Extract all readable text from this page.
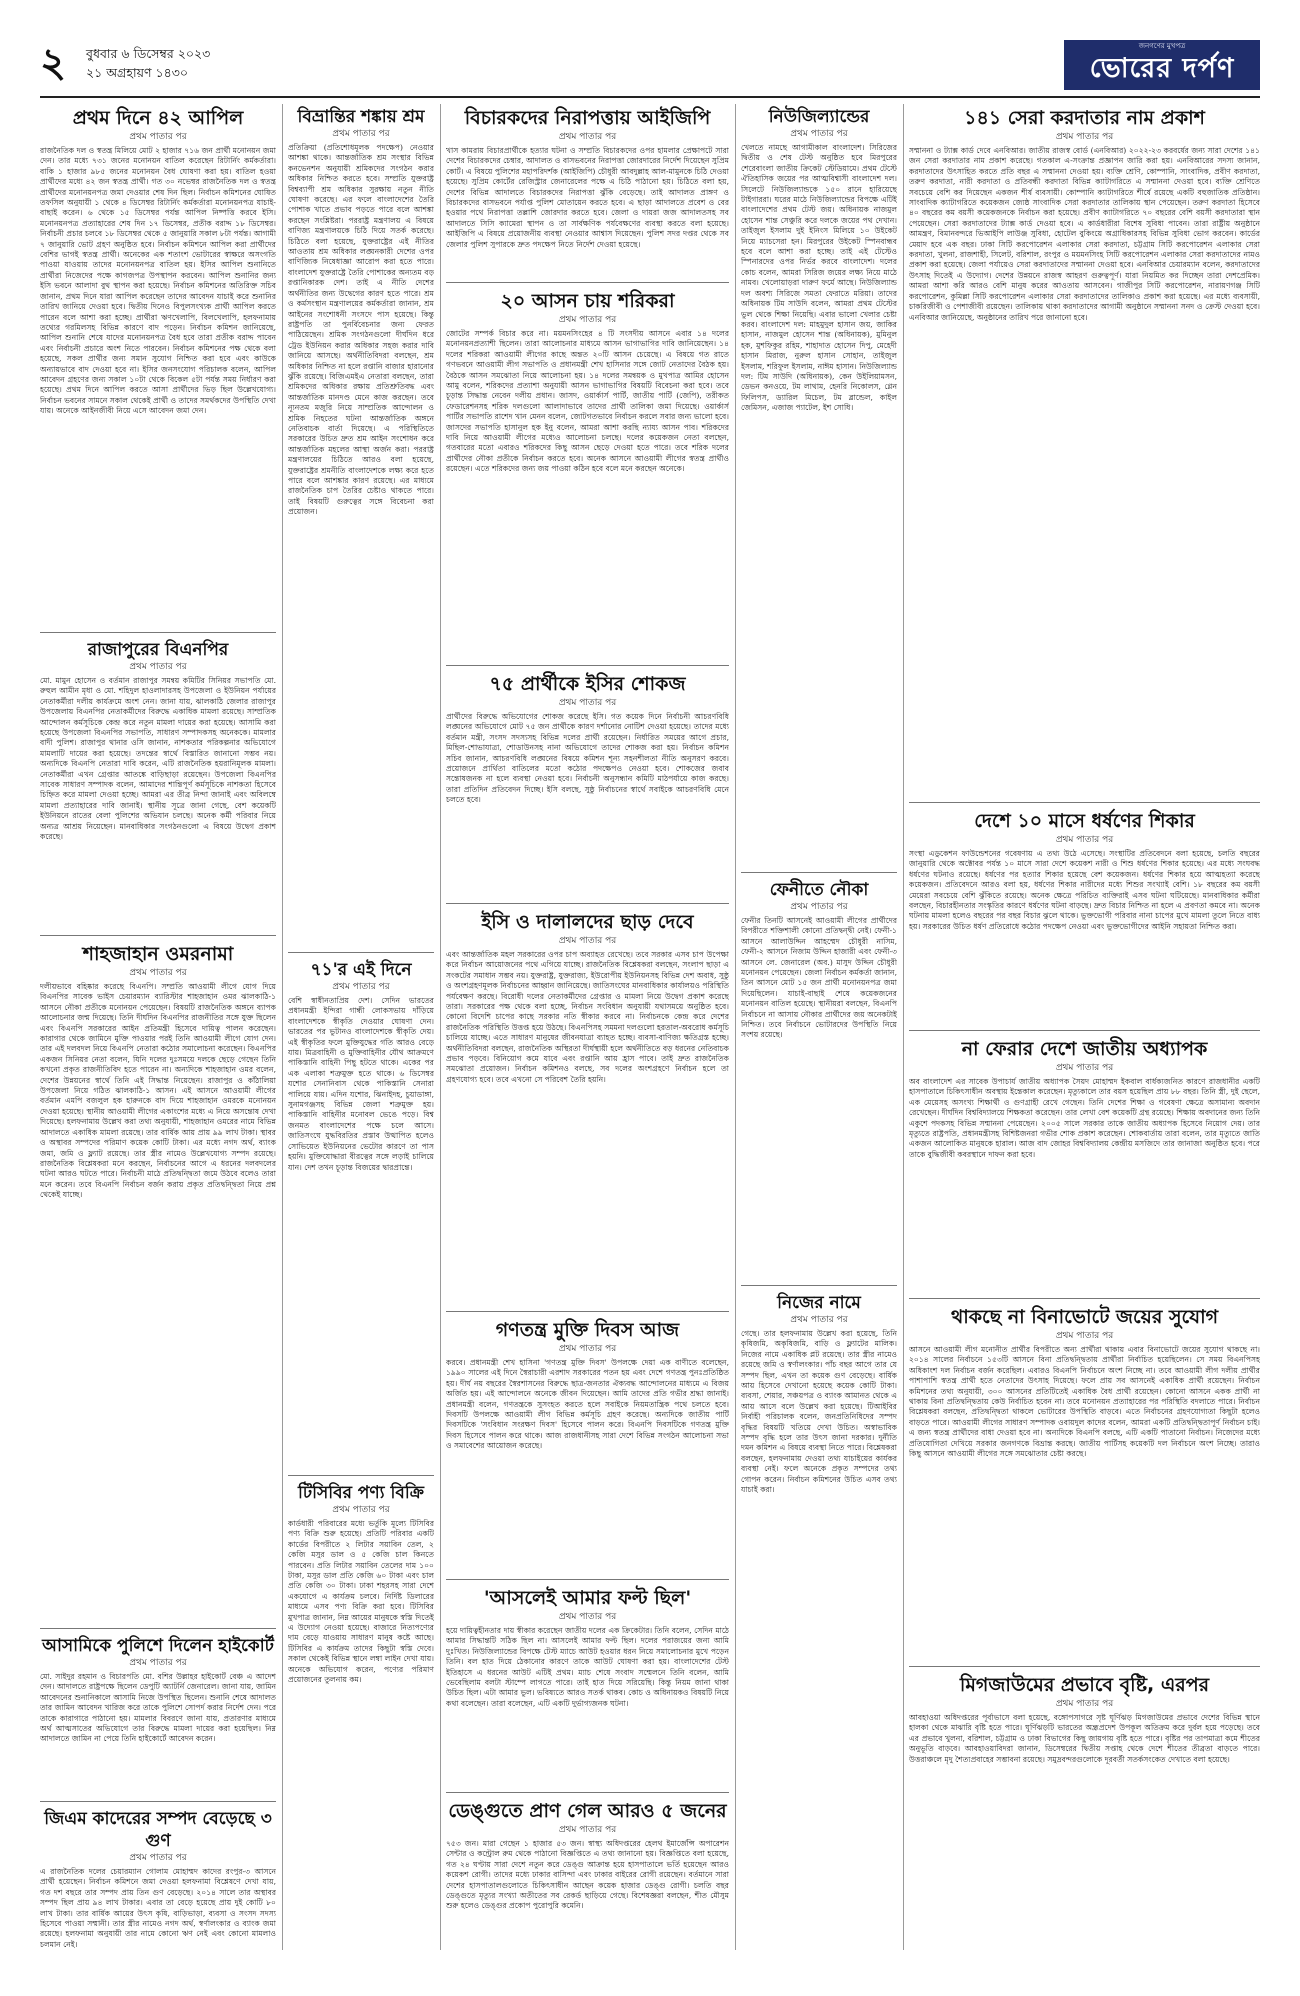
২ বুধবার ৬ ডিসেম্বর ২০২৩
২১ অগ্রহায়ণ ১৪৩০
জনগণের মুখপত্র
ভোরের দর্পণ
প্রথম দিনে ৪২ আপিল
প্রথম পাতার পর
রাজনৈতিক দল ও স্বতন্ত্র মিলিয়ে মোট ২ হাজার ৭১৬ জন প্রার্থী মনোনয়ন জমা দেন। তার মধ্যে ৭৩১ জনের মনোনয়ন বাতিল করেছেন রিটার্নিং কর্মকর্তারা। বাকি ১ হাজার ৯৮৫ জনের মনোনয়ন বৈধ ঘোষণা করা হয়। বাতিল হওয়া প্রার্থীদের মধ্যে ৪২ জন স্বতন্ত্র প্রার্থী। গত ৩০ নভেম্বর রাজনৈতিক দল ও স্বতন্ত্র প্রার্থীদের মনোনয়নপত্র জমা দেওয়ার শেষ দিন ছিল। নির্বাচন কমিশনের ঘোষিত তফসিল অনুযায়ী ১ থেকে ৪ ডিসেম্বর রিটার্নিং কর্মকর্তারা মনোনয়নপত্র যাচাই-বাছাই করেন। ৬ থেকে ১৫ ডিসেম্বর পর্যন্ত আপিল নিষ্পত্তি করবে ইসি। মনোনয়নপত্র প্রত্যাহারের শেষ দিন ১৭ ডিসেম্বর, প্রতীক বরাদ্দ ১৮ ডিসেম্বর। নির্বাচনী প্রচার চলবে ১৮ ডিসেম্বর থেকে ৫ জানুয়ারি সকাল ৮টা পর্যন্ত। আগামী ৭ জানুয়ারি ভোট গ্রহণ অনুষ্ঠিত হবে। নির্বাচন কমিশনে আপিল করা প্রার্থীদের বেশির ভাগই স্বতন্ত্র প্রার্থী। অনেকের এক শতাংশ ভোটারের স্বাক্ষরে অসংগতি পাওয়া যাওয়ায় তাদের মনোনয়নপত্র বাতিল হয়। ইসির আপিল শুনানিতে প্রার্থীরা নিজেদের পক্ষে কাগজপত্র উপস্থাপন করবেন। আপিল শুনানির জন্য ইসি ভবনে আলাদা বুথ স্থাপন করা হয়েছে। নির্বাচন কমিশনের অতিরিক্ত সচিব জানান, প্রথম দিনে যারা আপিল করেছেন তাদের আবেদন যাচাই করে শুনানির তারিখ জানিয়ে দেওয়া হবে। দ্বিতীয় দিনেও বিপুলসংখ্যক প্রার্থী আপিল করতে পারেন বলে আশা করা হচ্ছে। প্রার্থীরা ঋণখেলাপি, বিলখেলাপি, হলফনামায় তথ্যের গরমিলসহ বিভিন্ন কারণে বাদ পড়েন। নির্বাচন কমিশন জানিয়েছে, আপিল শুনানি শেষে যাদের মনোনয়নপত্র বৈধ হবে তারা প্রতীক বরাদ্দ পাবেন এবং নির্বাচনী প্রচারে অংশ নিতে পারবেন। নির্বাচন কমিশনের পক্ষ থেকে বলা হয়েছে, সকল প্রার্থীর জন্য সমান সুযোগ নিশ্চিত করা হবে এবং কাউকে অন্যায়ভাবে বাদ দেওয়া হবে না। ইসির জনসংযোগ পরিচালক বলেন, আপিল আবেদন গ্রহণের জন্য সকাল ১০টা থেকে বিকেল ৫টা পর্যন্ত সময় নির্ধারণ করা হয়েছে। প্রথম দিনে আপিল করতে আসা প্রার্থীদের ভিড় ছিল উল্লেখযোগ্য। নির্বাচন ভবনের সামনে সকাল থেকেই প্রার্থী ও তাদের সমর্থকদের উপস্থিতি দেখা যায়। অনেকে আইনজীবী নিয়ে এসে আবেদন জমা দেন।
রাজাপুরের বিএনপির
প্রথম পাতার পর
মো. মামুন হোসেন ও বর্তমান রাজাপুর সমন্বয় কমিটির সিনিয়র সভাপতি মো. রুহুল আমীন মৃধা ও মো. শহিদুল হাওলাদারসহ উপজেলা ও ইউনিয়ন পর্যায়ের নেতাকর্মীরা দলীয় কার্যক্রমে অংশ নেন। জানা যায়, ঝালকাঠি জেলার রাজাপুর উপজেলায় বিএনপির নেতাকর্মীদের বিরুদ্ধে একাধিক মামলা রয়েছে। সাম্প্রতিক আন্দোলন কর্মসূচিকে কেন্দ্র করে নতুন মামলা দায়ের করা হয়েছে। আসামি করা হয়েছে উপজেলা বিএনপির সভাপতি, সাধারণ সম্পাদকসহ অনেককে। মামলার বাদী পুলিশ। রাজাপুর থানার ওসি জানান, নাশকতার পরিকল্পনার অভিযোগে মামলাটি দায়ের করা হয়েছে। তদন্তের স্বার্থে বিস্তারিত জানানো সম্ভব নয়। অন্যদিকে বিএনপি নেতারা দাবি করেন, এটি রাজনৈতিক হয়রানিমূলক মামলা। নেতাকর্মীরা এখন গ্রেপ্তার আতঙ্কে বাড়িছাড়া রয়েছেন। উপজেলা বিএনপির সাবেক সাধারণ সম্পাদক বলেন, আমাদের শান্তিপূর্ণ কর্মসূচিকে নাশকতা হিসেবে চিহ্নিত করে মামলা দেওয়া হচ্ছে। আমরা এর তীব্র নিন্দা জানাই এবং অবিলম্বে মামলা প্রত্যাহারের দাবি জানাই। স্থানীয় সূত্রে জানা গেছে, বেশ কয়েকটি ইউনিয়নে রাতের বেলা পুলিশের অভিযান চলছে। অনেক কর্মী পরিবার নিয়ে অন্যত্র আশ্রয় নিয়েছেন। মানবাধিকার সংগঠনগুলো এ বিষয়ে উদ্বেগ প্রকাশ করেছে।
শাহজাহান ওমরনামা
প্রথম পাতার পর
দলীয়ভাবে বহিষ্কার করেছে বিএনপি। সম্প্রতি আওয়ামী লীগে যোগ দিয়ে বিএনপির সাবেক ভাইস চেয়ারম্যান ব্যারিস্টার শাহজাহান ওমর ঝালকাঠি-১ আসনে নৌকা প্রতীকে মনোনয়ন পেয়েছেন। বিষয়টি রাজনৈতিক অঙ্গনে ব্যাপক আলোচনার জন্ম দিয়েছে। তিনি দীর্ঘদিন বিএনপির রাজনীতির সঙ্গে যুক্ত ছিলেন এবং বিএনপি সরকারের আইন প্রতিমন্ত্রী হিসেবে দায়িত্ব পালন করেছেন। কারাগার থেকে জামিনে মুক্তি পাওয়ার পরই তিনি আওয়ামী লীগে যোগ দেন। তার এই দলবদল নিয়ে বিএনপি নেতারা কঠোর সমালোচনা করেছেন। বিএনপির একজন সিনিয়র নেতা বলেন, যিনি দলের দুঃসময়ে দলকে ছেড়ে গেছেন তিনি কখনো প্রকৃত রাজনীতিবিদ হতে পারেন না। অন্যদিকে শাহজাহান ওমর বলেন, দেশের উন্নয়নের স্বার্থে তিনি এই সিদ্ধান্ত নিয়েছেন। রাজাপুর ও কাঁঠালিয়া উপজেলা নিয়ে গঠিত ঝালকাঠি-১ আসন। এই আসনে আওয়ামী লীগের বর্তমান এমপি বজলুল হক হারুনকে বাদ দিয়ে শাহজাহান ওমরকে মনোনয়ন দেওয়া হয়েছে। স্থানীয় আওয়ামী লীগের একাংশের মধ্যে এ নিয়ে অসন্তোষ দেখা দিয়েছে। হলফনামায় উল্লেখ করা তথ্য অনুযায়ী, শাহজাহান ওমরের নামে বিভিন্ন আদালতে একাধিক মামলা রয়েছে। তার বার্ষিক আয় প্রায় ৯৯ লাখ টাকা। স্থাবর ও অস্থাবর সম্পদের পরিমাণ কয়েক কোটি টাকা। এর মধ্যে নগদ অর্থ, ব্যাংক জমা, জমি ও ফ্ল্যাট রয়েছে। তার স্ত্রীর নামেও উল্লেখযোগ্য সম্পদ রয়েছে। রাজনৈতিক বিশ্লেষকরা মনে করছেন, নির্বাচনের আগে এ ধরনের দলবদলের ঘটনা আরও ঘটতে পারে। নির্বাচনী মাঠে প্রতিদ্বন্দ্বিতা জমে উঠবে বলেও তারা মনে করেন। তবে বিএনপি নির্বাচন বর্জন করায় প্রকৃত প্রতিদ্বন্দ্বিতা নিয়ে প্রশ্ন থেকেই যাচ্ছে।
আসামিকে পুলিশে দিলেন হাইকোর্ট
প্রথম পাতার পর
মো. সাইদুর রহমান ও বিচারপতি মো. বশির উল্লাহর হাইকোর্ট বেঞ্চ এ আদেশ দেন। আদালতে রাষ্ট্রপক্ষে ছিলেন ডেপুটি অ্যাটর্নি জেনারেল। জানা যায়, জামিন আবেদনের শুনানিকালে আসামি নিজে উপস্থিত ছিলেন। শুনানি শেষে আদালত তার জামিন আবেদন খারিজ করে তাকে পুলিশে সোপর্দ করার নির্দেশ দেন। পরে তাকে কারাগারে পাঠানো হয়। মামলার বিবরণে জানা যায়, প্রতারণার মাধ্যমে অর্থ আত্মসাতের অভিযোগে তার বিরুদ্ধে মামলা দায়ের করা হয়েছিল। নিম্ন আদালতে জামিন না পেয়ে তিনি হাইকোর্টে আবেদন করেন।
জিএম কাদেরের সম্পদ বেড়েছে ৩ গুণ
প্রথম পাতার পর
এ রাজনৈতিক দলের চেয়ারম্যান গোলাম মোহাম্মদ কাদের রংপুর-৩ আসনে প্রার্থী হয়েছেন। নির্বাচন কমিশনে জমা দেওয়া হলফনামা বিশ্লেষণে দেখা যায়, গত দশ বছরে তার সম্পদ প্রায় তিন গুণ বেড়েছে। ২০১৪ সালে তার অস্থাবর সম্পদ ছিল প্রায় ৯৪ লাখ টাকার। এবার তা বেড়ে হয়েছে প্রায় দুই কোটি ৮০ লাখ টাকা। তার বার্ষিক আয়ের উৎস কৃষি, বাড়িভাড়া, ব্যবসা ও সংসদ সদস্য হিসেবে পাওয়া সম্মানী। তার স্ত্রীর নামেও নগদ অর্থ, স্বর্ণালংকার ও ব্যাংক জমা রয়েছে। হলফনামা অনুযায়ী তার নামে কোনো ঋণ নেই এবং কোনো মামলাও চলমান নেই।
বিভ্রান্তির শঙ্কায় শ্রম
প্রথম পাতার পর
প্রতিক্রিয়া (প্রতিশোধমূলক পদক্ষেপ) নেওয়ার আশঙ্কা থাকে। আন্তর্জাতিক শ্রম সংস্থার বিভিন্ন কনভেনশন অনুযায়ী শ্রমিকদের সংগঠন করার অধিকার নিশ্চিত করতে হবে। সম্প্রতি যুক্তরাষ্ট্র বিশ্বব্যাপী শ্রম অধিকার সুরক্ষায় নতুন নীতি ঘোষণা করেছে। এর ফলে বাংলাদেশের তৈরি পোশাক খাতে প্রভাব পড়তে পারে বলে আশঙ্কা করছেন সংশ্লিষ্টরা। পররাষ্ট্র মন্ত্রণালয় এ বিষয়ে বাণিজ্য মন্ত্রণালয়কে চিঠি দিয়ে সতর্ক করেছে। চিঠিতে বলা হয়েছে, যুক্তরাষ্ট্রের এই নীতির আওতায় শ্রম অধিকার লঙ্ঘনকারী দেশের ওপর বাণিজ্যিক নিষেধাজ্ঞা আরোপ করা হতে পারে। বাংলাদেশ যুক্তরাষ্ট্রে তৈরি পোশাকের অন্যতম বড় রপ্তানিকারক দেশ। তাই এ নীতি দেশের অর্থনীতির জন্য উদ্বেগের কারণ হতে পারে। শ্রম ও কর্মসংস্থান মন্ত্রণালয়ের কর্মকর্তারা জানান, শ্রম আইনের সংশোধনী সংসদে পাস হয়েছে। কিন্তু রাষ্ট্রপতি তা পুনর্বিবেচনার জন্য ফেরত পাঠিয়েছেন। শ্রমিক সংগঠনগুলো দীর্ঘদিন ধরে ট্রেড ইউনিয়ন করার অধিকার সহজ করার দাবি জানিয়ে আসছে। অর্থনীতিবিদরা বলছেন, শ্রম অধিকার নিশ্চিত না হলে রপ্তানি বাজার হারানোর ঝুঁকি রয়েছে। বিজিএমইএ নেতারা বলছেন, তারা শ্রমিকদের অধিকার রক্ষায় প্রতিশ্রুতিবদ্ধ এবং আন্তর্জাতিক মানদণ্ড মেনে কাজ করছেন। তবে ন্যূনতম মজুরি নিয়ে সাম্প্রতিক আন্দোলন ও শ্রমিক নিহতের ঘটনা আন্তর্জাতিক অঙ্গনে নেতিবাচক বার্তা দিয়েছে। এ পরিস্থিতিতে সরকারের উচিত দ্রুত শ্রম আইন সংশোধন করে আন্তর্জাতিক মহলের আস্থা অর্জন করা। পররাষ্ট্র মন্ত্রণালয়ের চিঠিতে আরও বলা হয়েছে, যুক্তরাষ্ট্রের শ্রমনীতি বাংলাদেশকে লক্ষ্য করে হতে পারে বলে আশঙ্কার কারণ রয়েছে। এর মাধ্যমে রাজনৈতিক চাপ তৈরির চেষ্টাও থাকতে পারে। তাই বিষয়টি গুরুত্বের সঙ্গে বিবেচনা করা প্রয়োজন।
৭১'র এই দিনে
প্রথম পাতার পর
বেশি স্বাধীনতাপ্রিয় দেশ। সেদিন ভারতের প্রধানমন্ত্রী ইন্দিরা গান্ধী লোকসভায় দাঁড়িয়ে বাংলাদেশকে স্বীকৃতি দেওয়ার ঘোষণা দেন। ভারতের পর ভুটানও বাংলাদেশকে স্বীকৃতি দেয়। এই স্বীকৃতির ফলে মুক্তিযুদ্ধের গতি আরও বেড়ে যায়। মিত্রবাহিনী ও মুক্তিবাহিনীর যৌথ আক্রমণে পাকিস্তানি বাহিনী পিছু হটতে থাকে। একের পর এক এলাকা শত্রুমুক্ত হতে থাকে। ৬ ডিসেম্বর যশোর সেনানিবাস থেকে পাকিস্তানি সেনারা পালিয়ে যায়। এদিন যশোর, ঝিনাইদহ, চুয়াডাঙ্গা, সুনামগঞ্জসহ বিভিন্ন জেলা শত্রুমুক্ত হয়। পাকিস্তানি বাহিনীর মনোবল ভেঙে পড়ে। বিশ্ব জনমত বাংলাদেশের পক্ষে চলে আসে। জাতিসংঘে যুদ্ধবিরতির প্রস্তাব উত্থাপিত হলেও সোভিয়েত ইউনিয়নের ভেটোর কারণে তা পাস হয়নি। মুক্তিযোদ্ধারা বীরত্বের সঙ্গে লড়াই চালিয়ে যান। দেশ তখন চূড়ান্ত বিজয়ের দ্বারপ্রান্তে।
টিসিবির পণ্য বিক্রি
প্রথম পাতার পর
কার্ডধারী পরিবারের মধ্যে ভর্তুকি মূল্যে টিসিবির পণ্য বিক্রি শুরু হয়েছে। প্রতিটি পরিবার একটি কার্ডের বিপরীতে ২ লিটার সয়াবিন তেল, ২ কেজি মসুর ডাল ও ৫ কেজি চাল কিনতে পারবেন। প্রতি লিটার সয়াবিন তেলের দাম ১০০ টাকা, মসুর ডাল প্রতি কেজি ৬০ টাকা এবং চাল প্রতি কেজি ৩০ টাকা। ঢাকা শহরসহ সারা দেশে একযোগে এ কার্যক্রম চলবে। নির্দিষ্ট ডিলারের মাধ্যমে এসব পণ্য বিক্রি করা হবে। টিসিবির মুখপাত্র জানান, নিম্ন আয়ের মানুষকে স্বস্তি দিতেই এ উদ্যোগ নেওয়া হয়েছে। বাজারে নিত্যপণ্যের দাম বেড়ে যাওয়ায় সাধারণ মানুষ কষ্টে আছে। টিসিবির এ কার্যক্রম তাদের কিছুটা স্বস্তি দেবে। সকাল থেকেই বিভিন্ন স্থানে লম্বা লাইন দেখা যায়। অনেকে অভিযোগ করেন, পণ্যের পরিমাণ প্রয়োজনের তুলনায় কম।
বিচারকদের নিরাপত্তায় আইজিপি
প্রথম পাতার পর
খাস কামরায় বিচারপ্রার্থীকে হত্যার ঘটনা ও সম্প্রতি বিচারকদের ওপর হামলার প্রেক্ষাপটে সারা দেশের বিচারকদের চেম্বার, আদালত ও বাসভবনের নিরাপত্তা জোরদারের নির্দেশ দিয়েছেন সুপ্রিম কোর্ট। এ বিষয়ে পুলিশের মহাপরিদর্শক (আইজিপি) চৌধুরী আবদুল্লাহ আল-মামুনকে চিঠি দেওয়া হয়েছে। সুপ্রিম কোর্টের রেজিস্ট্রার জেনারেলের পক্ষে এ চিঠি পাঠানো হয়। চিঠিতে বলা হয়, দেশের বিভিন্ন আদালতে বিচারকদের নিরাপত্তা ঝুঁকি বেড়েছে। তাই আদালত প্রাঙ্গণ ও বিচারকদের বাসভবনে পর্যাপ্ত পুলিশ মোতায়েন করতে হবে। এ ছাড়া আদালতে প্রবেশ ও বের হওয়ার পথে নিরাপত্তা তল্লাশি জোরদার করতে হবে। জেলা ও দায়রা জজ আদালতসহ সব আদালতে সিসি ক্যামেরা স্থাপন ও তা সার্বক্ষণিক পর্যবেক্ষণের ব্যবস্থা করতে বলা হয়েছে। আইজিপি এ বিষয়ে প্রয়োজনীয় ব্যবস্থা নেওয়ার আশ্বাস দিয়েছেন। পুলিশ সদর দপ্তর থেকে সব জেলার পুলিশ সুপারকে দ্রুত পদক্ষেপ নিতে নির্দেশ দেওয়া হয়েছে।
২০ আসন চায় শরিকরা
প্রথম পাতার পর
জোটের সম্পর্ক বিচার করে না। ময়মনসিংহের ৪ টি সংসদীয় আসনে এবার ১৪ দলের মনোনয়নপ্রত্যাশী ছিলেন। তারা আলোচনার মাধ্যমে আসন ভাগাভাগির দাবি জানিয়েছেন। ১৪ দলের শরিকরা আওয়ামী লীগের কাছে অন্তত ২০টি আসন চেয়েছে। এ বিষয়ে গত রাতে গণভবনে আওয়ামী লীগ সভাপতি ও প্রধানমন্ত্রী শেখ হাসিনার সঙ্গে জোট নেতাদের বৈঠক হয়। বৈঠকে আসন সমঝোতা নিয়ে আলোচনা হয়। ১৪ দলের সমন্বয়ক ও মুখপাত্র আমির হোসেন আমু বলেন, শরিকদের প্রত্যাশা অনুযায়ী আসন ভাগাভাগির বিষয়টি বিবেচনা করা হবে। তবে চূড়ান্ত সিদ্ধান্ত নেবেন দলীয় প্রধান। জাসদ, ওয়ার্কার্স পার্টি, জাতীয় পার্টি (জেপি), তরীকত ফেডারেশনসহ শরিক দলগুলো আলাদাভাবে তাদের প্রার্থী তালিকা জমা দিয়েছে। ওয়ার্কার্স পার্টির সভাপতি রাশেদ খান মেনন বলেন, জোটগতভাবে নির্বাচন করলে সবার জন্য ভালো হবে। জাসদের সভাপতি হাসানুল হক ইনু বলেন, আমরা আশা করছি ন্যায্য আসন পাব। শরিকদের দাবি নিয়ে আওয়ামী লীগের মধ্যেও আলোচনা চলছে। দলের কয়েকজন নেতা বলছেন, গতবারের মতো এবারও শরিকদের কিছু আসন ছেড়ে দেওয়া হতে পারে। তবে শরিক দলের প্রার্থীদের নৌকা প্রতীকে নির্বাচন করতে হবে। অনেক আসনে আওয়ামী লীগের স্বতন্ত্র প্রার্থীও রয়েছেন। এতে শরিকদের জন্য জয় পাওয়া কঠিন হবে বলে মনে করছেন অনেকে।
৭৫ প্রার্থীকে ইসির শোকজ
প্রথম পাতার পর
প্রার্থীদের বিরুদ্ধে অভিযোগের শোকজ করেছে ইসি। গত কয়েক দিনে নির্বাচনী আচরণবিধি লঙ্ঘনের অভিযোগে মোট ৭৫ জন প্রার্থীকে কারণ দর্শানোর নোটিশ দেওয়া হয়েছে। তাদের মধ্যে বর্তমান মন্ত্রী, সংসদ সদস্যসহ বিভিন্ন দলের প্রার্থী রয়েছেন। নির্ধারিত সময়ের আগে প্রচার, মিছিল-শোভাযাত্রা, শোডাউনসহ নানা অভিযোগে তাদের শোকজ করা হয়। নির্বাচন কমিশন সচিব জানান, আচরণবিধি লঙ্ঘনের বিষয়ে কমিশন শূন্য সহনশীলতা নীতি অনুসরণ করবে। প্রয়োজনে প্রার্থিতা বাতিলের মতো কঠোর পদক্ষেপও নেওয়া হবে। শোকজের জবাব সন্তোষজনক না হলে ব্যবস্থা নেওয়া হবে। নির্বাচনী অনুসন্ধান কমিটি মাঠপর্যায়ে কাজ করছে। তারা প্রতিদিন প্রতিবেদন দিচ্ছে। ইসি বলছে, সুষ্ঠু নির্বাচনের স্বার্থে সবাইকে আচরণবিধি মেনে চলতে হবে।
ইসি ও দালালদের ছাড় দেবে
প্রথম পাতার পর
এবং আন্তর্জাতিক মহল সরকারের ওপর চাপ অব্যাহত রেখেছে। তবে সরকার এসব চাপ উপেক্ষা করে নির্বাচন আয়োজনের পথে এগিয়ে যাচ্ছে। রাজনৈতিক বিশ্লেষকরা বলছেন, সংলাপ ছাড়া এ সংকটের সমাধান সম্ভব নয়। যুক্তরাষ্ট্র, যুক্তরাজ্য, ইউরোপীয় ইউনিয়নসহ বিভিন্ন দেশ অবাধ, সুষ্ঠু ও অংশগ্রহণমূলক নির্বাচনের আহ্বান জানিয়েছে। জাতিসংঘের মানবাধিকার কার্যালয়ও পরিস্থিতি পর্যবেক্ষণ করছে। বিরোধী দলের নেতাকর্মীদের গ্রেপ্তার ও মামলা নিয়ে উদ্বেগ প্রকাশ করেছে তারা। সরকারের পক্ষ থেকে বলা হচ্ছে, নির্বাচন সংবিধান অনুযায়ী যথাসময়ে অনুষ্ঠিত হবে। কোনো বিদেশি চাপের কাছে সরকার নতি স্বীকার করবে না। নির্বাচনকে কেন্দ্র করে দেশের রাজনৈতিক পরিস্থিতি উত্তপ্ত হয়ে উঠছে। বিএনপিসহ সমমনা দলগুলো হরতাল-অবরোধ কর্মসূচি চালিয়ে যাচ্ছে। এতে সাধারণ মানুষের জীবনযাত্রা ব্যাহত হচ্ছে। ব্যবসা-বাণিজ্য ক্ষতিগ্রস্ত হচ্ছে। অর্থনীতিবিদরা বলছেন, রাজনৈতিক অস্থিরতা দীর্ঘস্থায়ী হলে অর্থনীতিতে বড় ধরনের নেতিবাচক প্রভাব পড়বে। বিনিয়োগ কমে যাবে এবং রপ্তানি আয় হ্রাস পাবে। তাই দ্রুত রাজনৈতিক সমঝোতা প্রয়োজন। নির্বাচন কমিশনও বলছে, সব দলের অংশগ্রহণে নির্বাচন হলে তা গ্রহণযোগ্য হবে। তবে এখনো সে পরিবেশ তৈরি হয়নি।
গণতন্ত্র মুক্তি দিবস আজ
প্রথম পাতার পর
করবে। প্রধানমন্ত্রী শেখ হাসিনা 'গণতন্ত্র মুক্তি দিবস' উপলক্ষে দেয়া এক বাণীতে বলেছেন, ১৯৯০ সালের এই দিনে স্বৈরাচারী এরশাদ সরকারের পতন হয় এবং দেশে গণতন্ত্র পুনঃপ্রতিষ্ঠিত হয়। দীর্ঘ নয় বছরের স্বৈরশাসনের বিরুদ্ধে ছাত্র-জনতার ঐক্যবদ্ধ আন্দোলনের মাধ্যমে এ বিজয় অর্জিত হয়। এই আন্দোলনে অনেকে জীবন দিয়েছেন। আমি তাদের প্রতি গভীর শ্রদ্ধা জানাই। প্রধানমন্ত্রী বলেন, গণতন্ত্রকে সুসংহত করতে হলে সবাইকে নিয়মতান্ত্রিক পথে চলতে হবে। দিবসটি উপলক্ষে আওয়ামী লীগ বিভিন্ন কর্মসূচি গ্রহণ করেছে। অন্যদিকে জাতীয় পার্টি দিবসটিকে 'সংবিধান সংরক্ষণ দিবস' হিসেবে পালন করে। বিএনপি দিবসটিকে গণতন্ত্র মুক্তি দিবস হিসেবে পালন করে থাকে। আজ রাজধানীসহ সারা দেশে বিভিন্ন সংগঠন আলোচনা সভা ও সমাবেশের আয়োজন করেছে।
'আসলেই আমার ফল্ট ছিল'
প্রথম পাতার পর
হয়ে দায়িত্বহীনতার দায় স্বীকার করেছেন জাতীয় দলের এক ক্রিকেটার। তিনি বলেন, সেদিন মাঠে আমার সিদ্ধান্তটি সঠিক ছিল না। আসলেই আমার ফল্ট ছিল। দলের পরাজয়ের জন্য আমি দুঃখিত। নিউজিল্যান্ডের বিপক্ষে টেস্ট ম্যাচে আউট হওয়ার ধরন নিয়ে সমালোচনার মুখে পড়েন তিনি। বল হাত দিয়ে ঠেকানোর কারণে তাকে আউট ঘোষণা করা হয়। বাংলাদেশের টেস্ট ইতিহাসে এ ধরনের আউট এটিই প্রথম। ম্যাচ শেষে সংবাদ সম্মেলনে তিনি বলেন, আমি ভেবেছিলাম বলটা স্টাম্পে লাগতে পারে। তাই হাত দিয়ে সরিয়েছি। কিন্তু নিয়ম জানা থাকা উচিত ছিল। এটা আমার ভুল। ভবিষ্যতে আরও সতর্ক থাকব। কোচ ও অধিনায়কও বিষয়টি নিয়ে কথা বলেছেন। তারা বলেছেন, এটি একটি দুর্ভাগ্যজনক ঘটনা।
ডেঙ্গুতে প্রাণ গেল আরও ৫ জনের
প্রথম পাতার পর
৭৫৩ জন। মারা গেছেন ১ হাজার ৫৩ জন। স্বাস্থ্য অধিদপ্তরের হেলথ ইমার্জেন্সি অপারেশন সেন্টার ও কন্ট্রোল রুম থেকে পাঠানো বিজ্ঞপ্তিতে এ তথ্য জানানো হয়। বিজ্ঞপ্তিতে বলা হয়েছে, গত ২৪ ঘণ্টায় সারা দেশে নতুন করে ডেঙ্গু আক্রান্ত হয়ে হাসপাতালে ভর্তি হয়েছেন আরও কয়েকশ রোগী। তাদের মধ্যে ঢাকার বাসিন্দা এবং ঢাকার বাইরের রোগী রয়েছেন। বর্তমানে সারা দেশের হাসপাতালগুলোতে চিকিৎসাধীন আছেন কয়েক হাজার ডেঙ্গু রোগী। চলতি বছর ডেঙ্গুতে মৃত্যুর সংখ্যা অতীতের সব রেকর্ড ছাড়িয়ে গেছে। বিশেষজ্ঞরা বলছেন, শীত মৌসুম শুরু হলেও ডেঙ্গুর প্রকোপ পুরোপুরি কমেনি।
নিউজিল্যান্ডের
প্রথম পাতার পর
খেলতে নামছে আগামীকাল বাংলাদেশ। সিরিজের দ্বিতীয় ও শেষ টেস্ট অনুষ্ঠিত হবে মিরপুরের শেরেবাংলা জাতীয় ক্রিকেট স্টেডিয়ামে। প্রথম টেস্টে ঐতিহাসিক জয়ের পর আত্মবিশ্বাসী বাংলাদেশ দল। সিলেটে নিউজিল্যান্ডকে ১৫০ রানে হারিয়েছে টাইগাররা। ঘরের মাঠে নিউজিল্যান্ডের বিপক্ষে এটিই বাংলাদেশের প্রথম টেস্ট জয়। অধিনায়ক নাজমুল হোসেন শান্ত সেঞ্চুরি করে দলকে জয়ের পথ দেখান। তাইজুল ইসলাম দুই ইনিংস মিলিয়ে ১০ উইকেট নিয়ে ম্যাচসেরা হন। মিরপুরের উইকেট স্পিনবান্ধব হবে বলে আশা করা হচ্ছে। তাই এই টেস্টেও স্পিনারদের ওপর নির্ভর করবে বাংলাদেশ। দলের কোচ বলেন, আমরা সিরিজ জয়ের লক্ষ্য নিয়ে মাঠে নামব। খেলোয়াড়রা দারুণ ফর্মে আছে। নিউজিল্যান্ড দল অবশ্য সিরিজে সমতা ফেরাতে মরিয়া। তাদের অধিনায়ক টিম সাউদি বলেন, আমরা প্রথম টেস্টের ভুল থেকে শিক্ষা নিয়েছি। এবার ভালো খেলার চেষ্টা করব। বাংলাদেশ দল: মাহমুদুল হাসান জয়, জাকির হাসান, নাজমুল হোসেন শান্ত (অধিনায়ক), মুমিনুল হক, মুশফিকুর রহিম, শাহাদাত হোসেন দিপু, মেহেদী হাসান মিরাজ, নুরুল হাসান সোহান, তাইজুল ইসলাম, শরিফুল ইসলাম, নাঈম হাসান। নিউজিল্যান্ড দল: টিম সাউদি (অধিনায়ক), কেন উইলিয়ামসন, ডেভন কনওয়ে, টম লাথাম, হেনরি নিকোলস, গ্লেন ফিলিপস, ড্যারিল মিচেল, টম ব্লান্ডেল, কাইল জেমিসন, এজাজ প্যাটেল, ইশ সোধি।
ফেনীতে নৌকা
প্রথম পাতার পর
ফেনীর তিনটি আসনেই আওয়ামী লীগের প্রার্থীদের বিপরীতে শক্তিশালী কোনো প্রতিদ্বন্দ্বী নেই। ফেনী-১ আসনে আলাউদ্দিন আহম্মেদ চৌধুরী নাসিম, ফেনী-২ আসনে নিজাম উদ্দিন হাজারী এবং ফেনী-৩ আসনে লে. জেনারেল (অব.) মাসুদ উদ্দিন চৌধুরী মনোনয়ন পেয়েছেন। জেলা নির্বাচন কর্মকর্তা জানান, তিন আসনে মোট ১৫ জন প্রার্থী মনোনয়নপত্র জমা দিয়েছিলেন। যাচাই-বাছাই শেষে কয়েকজনের মনোনয়ন বাতিল হয়েছে। স্থানীয়রা বলছেন, বিএনপি নির্বাচনে না আসায় নৌকার প্রার্থীদের জয় অনেকটাই নিশ্চিত। তবে নির্বাচনে ভোটারদের উপস্থিতি নিয়ে সংশয় রয়েছে।
নিজের নামে
প্রথম পাতার পর
গেছে। তার হলফনামায় উল্লেখ করা হয়েছে, তিনি কৃষিজমি, অকৃষিজমি, বাড়ি ও ফ্ল্যাটের মালিক। নিজের নামে একাধিক প্লট রয়েছে। তার স্ত্রীর নামেও রয়েছে জমি ও স্বর্ণালংকার। পাঁচ বছর আগে তার যে সম্পদ ছিল, এখন তা কয়েক গুণ বেড়েছে। বার্ষিক আয় হিসেবে দেখানো হয়েছে কয়েক কোটি টাকা। ব্যবসা, শেয়ার, সঞ্চয়পত্র ও ব্যাংক আমানত থেকে এ আয় আসে বলে উল্লেখ করা হয়েছে। টিআইবির নির্বাহী পরিচালক বলেন, জনপ্রতিনিধিদের সম্পদ বৃদ্ধির বিষয়টি খতিয়ে দেখা উচিত। অস্বাভাবিক সম্পদ বৃদ্ধি হলে তার উৎস জানা দরকার। দুর্নীতি দমন কমিশন এ বিষয়ে ব্যবস্থা নিতে পারে। বিশ্লেষকরা বলছেন, হলফনামায় দেওয়া তথ্য যাচাইয়ের কার্যকর ব্যবস্থা নেই। ফলে অনেকে প্রকৃত সম্পদের তথ্য গোপন করেন। নির্বাচন কমিশনের উচিত এসব তথ্য যাচাই করা।
১৪১ সেরা করদাতার নাম প্রকাশ
প্রথম পাতার পর
সম্মাননা ও ট্যাক্স কার্ড দেবে এনবিআর। জাতীয় রাজস্ব বোর্ড (এনবিআর) ২০২২-২৩ করবর্ষের জন্য সারা দেশের ১৪১ জন সেরা করদাতার নাম প্রকাশ করেছে। গতকাল এ-সংক্রান্ত প্রজ্ঞাপন জারি করা হয়। এনবিআরের সদস্য জানান, করদাতাদের উৎসাহিত করতে প্রতি বছর এ সম্মাননা দেওয়া হয়। ব্যক্তি শ্রেণি, কোম্পানি, সাংবাদিক, প্রবীণ করদাতা, তরুণ করদাতা, নারী করদাতা ও প্রতিবন্ধী করদাতা বিভিন্ন ক্যাটাগরিতে এ সম্মাননা দেওয়া হবে। ব্যক্তি শ্রেণিতে সবচেয়ে বেশি কর দিয়েছেন একজন শীর্ষ ব্যবসায়ী। কোম্পানি ক্যাটাগরিতে শীর্ষে রয়েছে একটি বহুজাতিক প্রতিষ্ঠান। সাংবাদিক ক্যাটাগরিতে কয়েকজন জ্যেষ্ঠ সাংবাদিক সেরা করদাতার তালিকায় স্থান পেয়েছেন। তরুণ করদাতা হিসেবে ৪০ বছরের কম বয়সী কয়েকজনকে নির্বাচন করা হয়েছে। প্রবীণ ক্যাটাগরিতে ৭০ বছরের বেশি বয়সী করদাতারা স্থান পেয়েছেন। সেরা করদাতাদের ট্যাক্স কার্ড দেওয়া হবে। এ কার্ডধারীরা বিশেষ সুবিধা পাবেন। তারা রাষ্ট্রীয় অনুষ্ঠানে আমন্ত্রণ, বিমানবন্দরে ভিআইপি লাউঞ্জ সুবিধা, হোটেল বুকিংয়ে অগ্রাধিকারসহ বিভিন্ন সুবিধা ভোগ করবেন। কার্ডের মেয়াদ হবে এক বছর। ঢাকা সিটি করপোরেশন এলাকার সেরা করদাতা, চট্টগ্রাম সিটি করপোরেশন এলাকার সেরা করদাতা, খুলনা, রাজশাহী, সিলেট, বরিশাল, রংপুর ও ময়মনসিংহ সিটি করপোরেশন এলাকার সেরা করদাতাদের নামও প্রকাশ করা হয়েছে। জেলা পর্যায়েও সেরা করদাতাদের সম্মাননা দেওয়া হবে। এনবিআর চেয়ারম্যান বলেন, করদাতাদের উৎসাহ দিতেই এ উদ্যোগ। দেশের উন্নয়নে রাজস্ব আহরণ গুরুত্বপূর্ণ। যারা নিয়মিত কর দিচ্ছেন তারা দেশপ্রেমিক। আমরা আশা করি আরও বেশি মানুষ করের আওতায় আসবেন। গাজীপুর সিটি করপোরেশন, নারায়ণগঞ্জ সিটি করপোরেশন, কুমিল্লা সিটি করপোরেশন এলাকার সেরা করদাতাদের তালিকাও প্রকাশ করা হয়েছে। এর মধ্যে ব্যবসায়ী, চাকরিজীবী ও পেশাজীবী রয়েছেন। তালিকায় থাকা করদাতাদের আগামী অনুষ্ঠানে সম্মাননা সনদ ও ক্রেস্ট দেওয়া হবে। এনবিআর জানিয়েছে, অনুষ্ঠানের তারিখ পরে জানানো হবে।
দেশে ১০ মাসে ধর্ষণের শিকার
প্রথম পাতার পর
সংস্থা এডুকেশন ফাউন্ডেশনের গবেষণায় এ তথ্য উঠে এসেছে। সংস্থাটির প্রতিবেদনে বলা হয়েছে, চলতি বছরের জানুয়ারি থেকে অক্টোবর পর্যন্ত ১০ মাসে সারা দেশে কয়েকশ নারী ও শিশু ধর্ষণের শিকার হয়েছে। এর মধ্যে সংঘবদ্ধ ধর্ষণের ঘটনাও রয়েছে। ধর্ষণের পর হত্যার শিকার হয়েছে বেশ কয়েকজন। ধর্ষণের শিকার হয়ে আত্মহত্যা করেছে কয়েকজন। প্রতিবেদনে আরও বলা হয়, ধর্ষণের শিকার নারীদের মধ্যে শিশুর সংখ্যাই বেশি। ১৮ বছরের কম বয়সী মেয়েরা সবচেয়ে বেশি ঝুঁকিতে রয়েছে। অনেক ক্ষেত্রে পরিচিত ব্যক্তিরাই এসব ঘটনা ঘটিয়েছে। মানবাধিকার কর্মীরা বলছেন, বিচারহীনতার সংস্কৃতির কারণে ধর্ষণের ঘটনা বাড়ছে। দ্রুত বিচার নিশ্চিত না হলে এ প্রবণতা কমবে না। অনেক ঘটনায় মামলা হলেও বছরের পর বছর বিচার ঝুলে থাকে। ভুক্তভোগী পরিবার নানা চাপের মুখে মামলা তুলে নিতে বাধ্য হয়। সরকারের উচিত ধর্ষণ প্রতিরোধে কঠোর পদক্ষেপ নেওয়া এবং ভুক্তভোগীদের আইনি সহায়তা নিশ্চিত করা।
না ফেরার দেশে জাতীয় অধ্যাপক
প্রথম পাতার পর
অব বাংলাদেশ এর সাবেক উপাচার্য জাতীয় অধ্যাপক সৈয়দ মোহাম্মদ ইকবাল বার্ধক্যজনিত কারণে রাজধানীর একটি হাসপাতালে চিকিৎসাধীন অবস্থায় ইন্তেকাল করেছেন। মৃত্যুকালে তার বয়স হয়েছিল প্রায় ৮৮ বছর। তিনি স্ত্রী, দুই ছেলে, এক মেয়েসহ অসংখ্য শিক্ষার্থী ও গুণগ্রাহী রেখে গেছেন। তিনি দেশের শিক্ষা ও গবেষণা ক্ষেত্রে অসামান্য অবদান রেখেছেন। দীর্ঘদিন বিশ্ববিদ্যালয়ে শিক্ষকতা করেছেন। তার লেখা বেশ কয়েকটি গ্রন্থ রয়েছে। শিক্ষায় অবদানের জন্য তিনি একুশে পদকসহ বিভিন্ন সম্মাননা পেয়েছেন। ২০০৫ সালে সরকার তাকে জাতীয় অধ্যাপক হিসেবে নিয়োগ দেয়। তার মৃত্যুতে রাষ্ট্রপতি, প্রধানমন্ত্রীসহ বিশিষ্টজনরা গভীর শোক প্রকাশ করেছেন। শোকবার্তায় তারা বলেন, তার মৃত্যুতে জাতি একজন আলোকিত মানুষকে হারাল। আজ বাদ জোহর বিশ্ববিদ্যালয় কেন্দ্রীয় মসজিদে তার জানাজা অনুষ্ঠিত হবে। পরে তাকে বুদ্ধিজীবী কবরস্থানে দাফন করা হবে।
থাকছে না বিনাভোটে জয়ের সুযোগ
প্রথম পাতার পর
আসনে আওয়ামী লীগ মনোনীত প্রার্থীর বিপরীতে অন্য প্রার্থীরা থাকায় এবার বিনাভোটে জয়ের সুযোগ থাকছে না। ২০১৪ সালের নির্বাচনে ১৫৩টি আসনে বিনা প্রতিদ্বন্দ্বিতায় প্রার্থীরা নির্বাচিত হয়েছিলেন। সে সময় বিএনপিসহ অধিকাংশ দল নির্বাচন বর্জন করেছিল। এবারও বিএনপি নির্বাচনে অংশ নিচ্ছে না। তবে আওয়ামী লীগ দলীয় প্রার্থীর পাশাপাশি স্বতন্ত্র প্রার্থী হতে নেতাদের উৎসাহ দিয়েছে। ফলে প্রায় সব আসনেই একাধিক প্রার্থী রয়েছেন। নির্বাচন কমিশনের তথ্য অনুযায়ী, ৩০০ আসনের প্রতিটিতেই একাধিক বৈধ প্রার্থী রয়েছেন। কোনো আসনে একক প্রার্থী না থাকায় বিনা প্রতিদ্বন্দ্বিতায় কেউ নির্বাচিত হবেন না। তবে মনোনয়ন প্রত্যাহারের পর পরিস্থিতি বদলাতে পারে। নির্বাচন বিশ্লেষকরা বলছেন, প্রতিদ্বন্দ্বিতা থাকলে ভোটারের উপস্থিতি বাড়বে। এতে নির্বাচনের গ্রহণযোগ্যতা কিছুটা হলেও বাড়তে পারে। আওয়ামী লীগের সাধারণ সম্পাদক ওবায়দুল কাদের বলেন, আমরা একটি প্রতিদ্বন্দ্বিতাপূর্ণ নির্বাচন চাই। এ জন্য স্বতন্ত্র প্রার্থীদের বাধা দেওয়া হবে না। অন্যদিকে বিএনপি বলছে, এটি একটি পাতানো নির্বাচন। নিজেদের মধ্যে প্রতিযোগিতা দেখিয়ে সরকার জনগণকে বিভ্রান্ত করছে। জাতীয় পার্টিসহ কয়েকটি দল নির্বাচনে অংশ নিচ্ছে। তারাও কিছু আসনে আওয়ামী লীগের সঙ্গে সমঝোতার চেষ্টা করছে।
মিগজাউমের প্রভাবে বৃষ্টি, এরপর
প্রথম পাতার পর
আবহাওয়া অধিদপ্তরের পূর্বাভাসে বলা হয়েছে, বঙ্গোপসাগরে সৃষ্ট ঘূর্ণিঝড় মিগজাউমের প্রভাবে দেশের বিভিন্ন স্থানে হালকা থেকে মাঝারি বৃষ্টি হতে পারে। ঘূর্ণিঝড়টি ভারতের অন্ধ্রপ্রদেশ উপকূল অতিক্রম করে দুর্বল হয়ে পড়েছে। তবে এর প্রভাবে খুলনা, বরিশাল, চট্টগ্রাম ও ঢাকা বিভাগের কিছু জায়গায় বৃষ্টি হতে পারে। বৃষ্টির পর তাপমাত্রা কমে শীতের অনুভূতি বাড়বে। আবহাওয়াবিদরা জানান, ডিসেম্বরের দ্বিতীয় সপ্তাহ থেকে দেশে শীতের তীব্রতা বাড়তে পারে। উত্তরাঞ্চলে মৃদু শৈত্যপ্রবাহের সম্ভাবনা রয়েছে। সমুদ্রবন্দরগুলোকে দূরবর্তী সতর্কসংকেত দেখাতে বলা হয়েছে।
